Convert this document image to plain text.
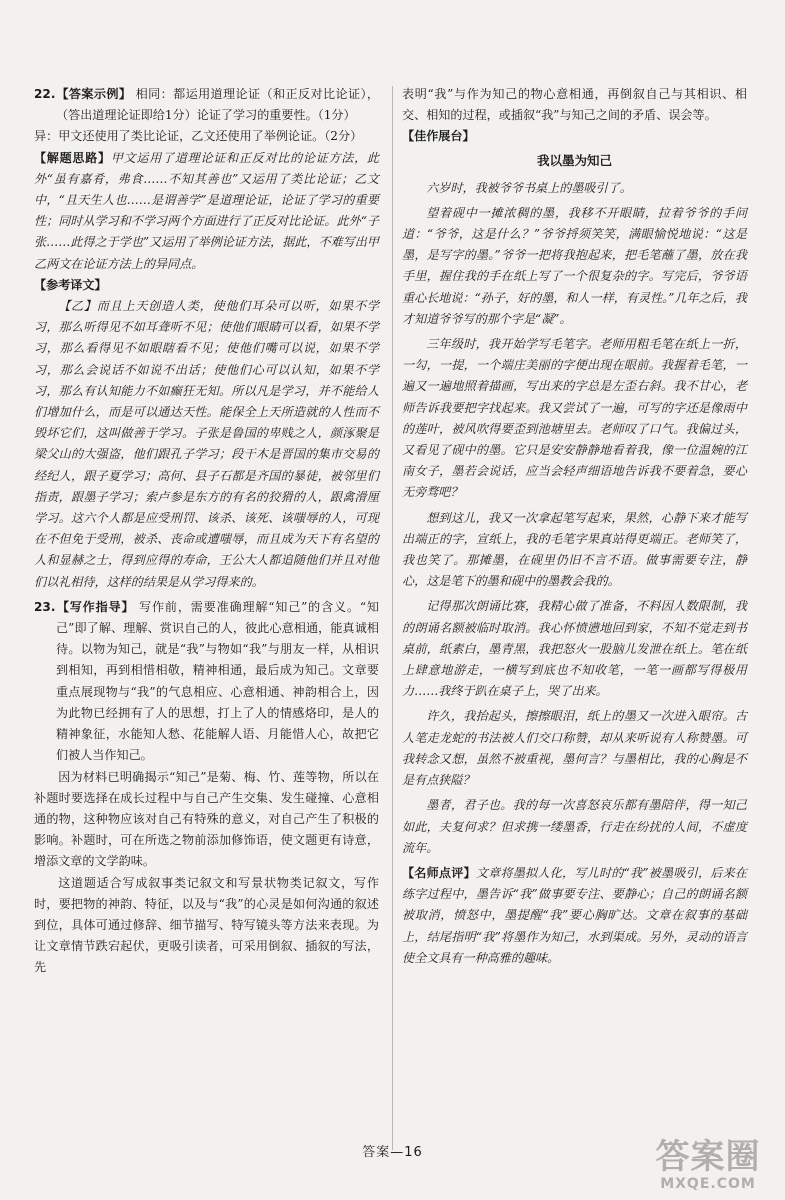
22.【答案示例】 相同：都运用道理论证（和正反对比论证），（答出道理论证即给1分）论证了学习的重要性。（1分）

异：甲文还使用了类比论证，乙文还使用了举例论证。（2分）

【解题思路】甲文运用了道理论证和正反对比的论证方法，此外“虽有嘉肴，弗食……不知其善也”又运用了类比论证；乙文中，“且天生人也……是谓善学”是道理论证，论证了学习的重要性；同时从学习和不学习两个方面进行了正反对比论证。此外“子张……此得之于学也”又运用了举例论证方法，据此，不难写出甲乙两文在论证方法上的异同点。

【参考译文】

【乙】而且上天创造人类，使他们耳朵可以听，如果不学习，那么听得见不如耳聋听不见；使他们眼睛可以看，如果不学习，那么看得见不如眼瞎看不见；使他们嘴可以说，如果不学习，那么会说话不如说不出话；使他们心可以认知，如果不学习，那么有认知能力不如癫狂无知。所以凡是学习，并不能给人们增加什么，而是可以通达天性。能保全上天所造就的人性而不毁坏它们，这叫做善于学习。子张是鲁国的卑贱之人，颜涿聚是梁父山的大强盗，他们跟孔子学习；段干木是晋国的集市交易的经纪人，跟子夏学习；高何、县子石都是齐国的暴徒，被邻里们指责，跟墨子学习；索卢参是东方的有名的狡猾的人，跟禽滑厘学习。这六个人都是应受刑罚、该杀、该死、该嗤辱的人，可现在不但免于受刑，被杀、丧命或遭嗤辱，而且成为天下有名望的人和显赫之士，得到应得的寿命，王公大人都追随他们并且对他们以礼相待，这样的结果是从学习得来的。

23.【写作指导】 写作前，需要准确理解“知己”的含义。“知己”即了解、理解、赏识自己的人，彼此心意相通，能真诚相待。以物为知己，就是“我”与物如“我”与朋友一样，从相识到相知，再到相惜相敬，精神相通，最后成为知己。文章要重点展现物与“我”的气息相应、心意相通、神韵相合上，因为此物已经拥有了人的思想，打上了人的情感烙印，是人的精神象征，水能知人愁、花能解人语、月能惜人心，故把它们被人当作知己。

因为材料已明确揭示“知己”是菊、梅、竹、莲等物，所以在补题时要选择在成长过程中与自己产生交集、发生碰撞、心意相通的物，这种物应该对自己有特殊的意义，对自己产生了积极的影响。补题时，可在所选之物前添加修饰语，使文题更有诗意，增添文章的文学韵味。

这道题适合写成叙事类记叙文和写景状物类记叙文，写作时，要把物的神韵、特征，以及与“我”的心灵是如何沟通的叙述到位，具体可通过修辞、细节描写、特写镜头等方法来表现。为让文章情节跌宕起伏，更吸引读者，可采用倒叙、插叙的写法，先

表明“我”与作为知己的物心意相通，再倒叙自己与其相识、相交、相知的过程，或插叙“我”与知己之间的矛盾、误会等。

【佳作展台】

我以墨为知己

六岁时，我被爷爷书桌上的墨吸引了。

望着砚中一摊浓稠的墨，我移不开眼睛，拉着爷爷的手问道：“爷爷，这是什么？”爷爷捋须笑笑，满眼愉悦地说：“这是墨，是写字的墨。”爷爷一把将我抱起来，把毛笔蘸了墨，放在我手里，握住我的手在纸上写了一个很复杂的字。写完后，爷爷语重心长地说：“孙子，好的墨，和人一样，有灵性。”几年之后，我才知道爷爷写的那个字是“凝”。

三年级时，我开始学写毛笔字。老师用粗毛笔在纸上一折，一勾，一提，一个端庄美丽的字便出现在眼前。我握着毛笔，一遍又一遍地照着描画，写出来的字总是左歪右斜。我不甘心，老师告诉我要把字找起来。我又尝试了一遍，可写的字还是像雨中的莲叶，被风吹得要歪到池塘里去。老师叹了口气。我偏过头，又看见了砚中的墨。它只是安安静静地看着我，像一位温婉的江南女子，墨若会说话，应当会轻声细语地告诉我不要着急，要心无旁骛吧？

想到这儿，我又一次拿起笔写起来，果然，心静下来才能写出端正的字，宣纸上，我的毛笔字果真站得更端正。老师笑了，我也笑了。那摊墨，在砚里仍旧不言不语。做事需要专注，静心，这是笔下的墨和砚中的墨教会我的。

记得那次朗诵比赛，我精心做了准备，不料因人数限制，我的朗诵名额被临时取消。我心怀愤懑地回到家，不知不觉走到书桌前，纸素白，墨青黑，我把怒火一股脑儿发泄在纸上。笔在纸上肆意地游走，一横写到底也不知收笔，一笔一画都写得极用力……我终于趴在桌子上，哭了出来。

许久，我抬起头，擦擦眼泪，纸上的墨又一次进入眼帘。古人笔走龙蛇的书法被人们交口称赞，却从来听说有人称赞墨。可我转念又想，虽然不被重视，墨何言？与墨相比，我的心胸是不是有点狭隘？

墨者，君子也。我的每一次喜怒哀乐都有墨陪伴，得一知己如此，夫复何求？但求携一缕墨香，行走在纷扰的人间，不虚度流年。

【名师点评】文章将墨拟人化，写儿时的“我”被墨吸引，后来在练字过程中，墨告诉“我”做事要专注、要静心；自己的朗诵名额被取消，愤怒中，墨提醒“我”要心胸旷达。文章在叙事的基础上，结尾指明“我”将墨作为知己，水到渠成。另外，灵动的语言使全文具有一种高雅的趣味。

答案—16	答案圈
MXQE.COM
